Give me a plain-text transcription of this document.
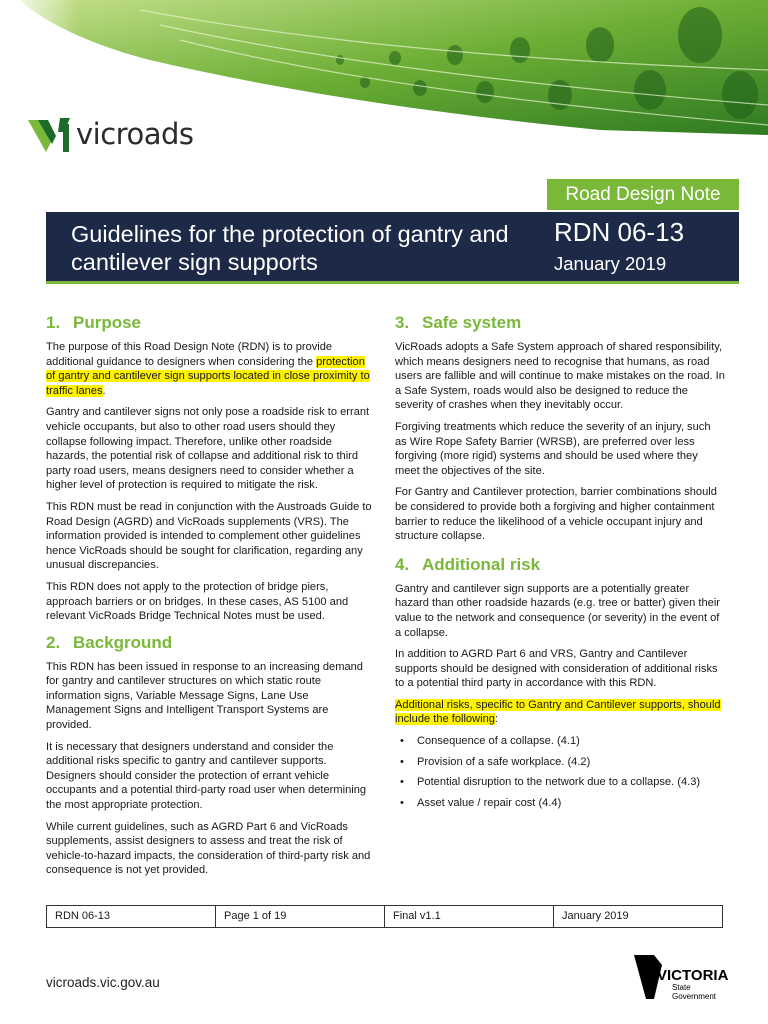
vicroads
Road Design Note
Guidelines for the protection of gantry and cantilever sign supports
RDN 06-13
January 2019
1. Purpose

The purpose of this Road Design Note (RDN) is to provide additional guidance to designers when considering the protection of gantry and cantilever sign supports located in close proximity to traffic lanes.

Gantry and cantilever signs not only pose a roadside risk to errant vehicle occupants, but also to other road users should they collapse following impact. Therefore, unlike other roadside hazards, the potential risk of collapse and additional risk to third party road users, means designers need to consider whether a higher level of protection is required to mitigate the risk.

This RDN must be read in conjunction with the Austroads Guide to Road Design (AGRD) and VicRoads supplements (VRS). The information provided is intended to complement other guidelines hence VicRoads should be sought for clarification, regarding any unusual discrepancies.

This RDN does not apply to the protection of bridge piers, approach barriers or on bridges. In these cases, AS 5100 and relevant VicRoads Bridge Technical Notes must be used.

2. Background

This RDN has been issued in response to an increasing demand for gantry and cantilever structures on which static route information signs, Variable Message Signs, Lane Use Management Signs and Intelligent Transport Systems are provided.

It is necessary that designers understand and consider the additional risks specific to gantry and cantilever supports. Designers should consider the protection of errant vehicle occupants and a potential third-party road user when determining the most appropriate protection.

While current guidelines, such as AGRD Part 6 and VicRoads supplements, assist designers to assess and treat the risk of vehicle-to-hazard impacts, the consideration of third-party risk and consequence is not yet provided.

3. Safe system

VicRoads adopts a Safe System approach of shared responsibility, which means designers need to recognise that humans, as road users are fallible and will continue to make mistakes on the road. In a Safe System, roads would also be designed to reduce the severity of crashes when they inevitably occur.

Forgiving treatments which reduce the severity of an injury, such as Wire Rope Safety Barrier (WRSB), are preferred over less forgiving (more rigid) systems and should be used where they meet the objectives of the site.

For Gantry and Cantilever protection, barrier combinations should be considered to provide both a forgiving and higher containment barrier to reduce the likelihood of a vehicle occupant injury and structure collapse.

4. Additional risk

Gantry and cantilever sign supports are a potentially greater hazard than other roadside hazards (e.g. tree or batter) given their value to the network and consequence (or severity) in the event of a collapse.

In addition to AGRD Part 6 and VRS, Gantry and Cantilever supports should be designed with consideration of additional risks to a potential third party in accordance with this RDN.

Additional risks, specific to Gantry and Cantilever supports, should include the following:

• Consequence of a collapse. (4.1)
• Provision of a safe workplace. (4.2)
• Potential disruption to the network due to a collapse. (4.3)
• Asset value / repair cost (4.4)
RDN 06-13	Page 1 of 19	Final v1.1	January 2019
vicroads.vic.gov.au	VICTORIA
State
Government
